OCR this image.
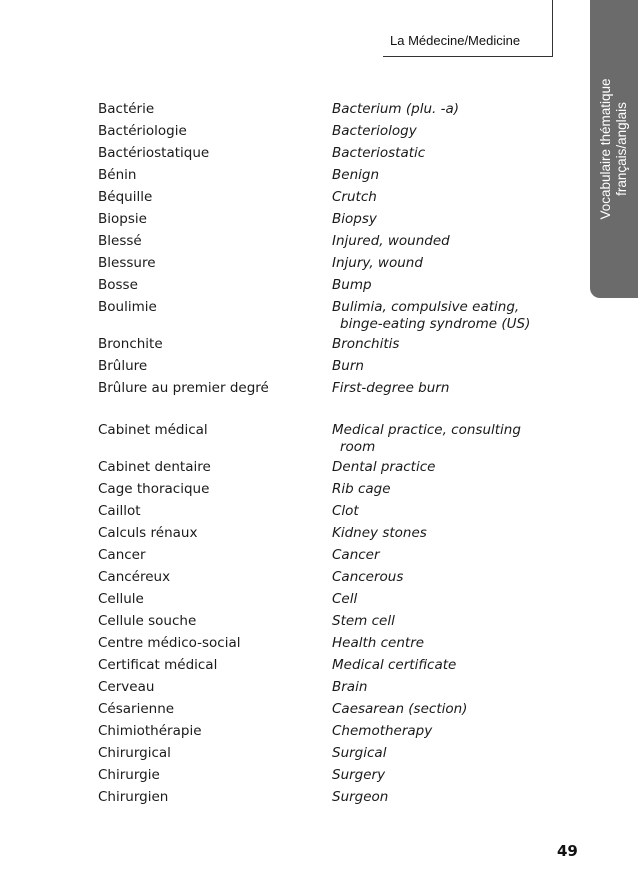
La Médecine/Medicine
Vocabulaire thématique français/anglais
Bactérie	Bacterium (plu. -a)
Bactériologie	Bacteriology
Bactériostatique	Bacteriostatic
Bénin	Benign
Béquille	Crutch
Biopsie	Biopsy
Blessé	Injured, wounded
Blessure	Injury, wound
Bosse	Bump
Boulimie	Bulimia, compulsive eating,
binge-eating syndrome (US)
Bronchite	Bronchitis
Brûlure	Burn
Brûlure au premier degré	First-degree burn
Cabinet médical	Medical practice, consulting
room
Cabinet dentaire	Dental practice
Cage thoracique	Rib cage
Caillot	Clot
Calculs rénaux	Kidney stones
Cancer	Cancer
Cancéreux	Cancerous
Cellule	Cell
Cellule souche	Stem cell
Centre médico-social	Health centre
Certificat médical	Medical certificate
Cerveau	Brain
Césarienne	Caesarean (section)
Chimiothérapie	Chemotherapy
Chirurgical	Surgical
Chirurgie	Surgery
Chirurgien	Surgeon
49
